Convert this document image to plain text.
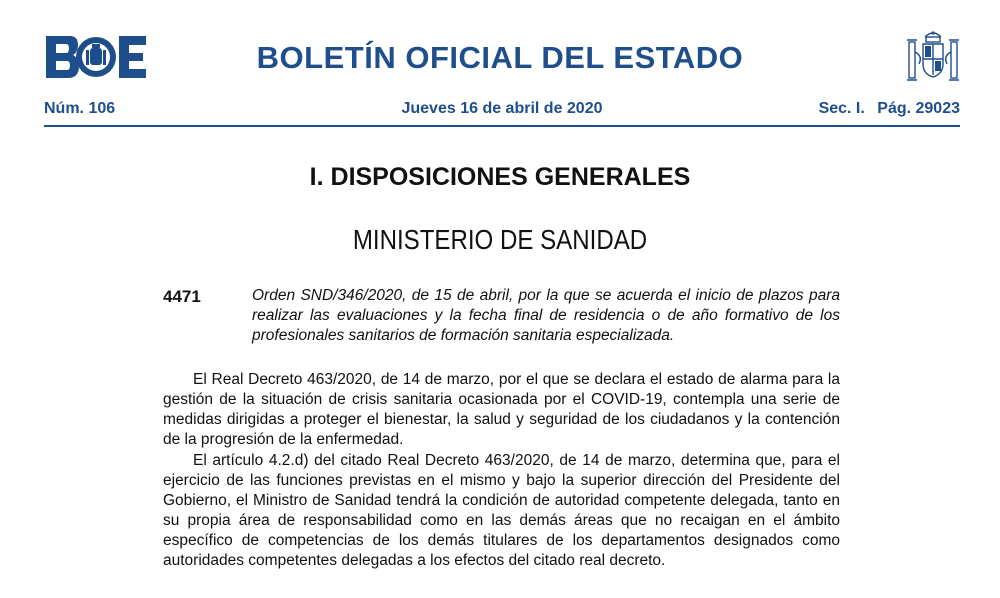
BOLETÍN OFICIAL DEL ESTADO
Núm. 106	Jueves 16 de abril de 2020	Sec. I. Pág. 29023
I. DISPOSICIONES GENERALES
MINISTERIO DE SANIDAD
4471	Orden SND/346/2020, de 15 de abril, por la que se acuerda el inicio de plazos para realizar las evaluaciones y la fecha final de residencia o de año formativo de los profesionales sanitarios de formación sanitaria especializada.

El Real Decreto 463/2020, de 14 de marzo, por el que se declara el estado de alarma para la gestión de la situación de crisis sanitaria ocasionada por el COVID-19, contempla una serie de medidas dirigidas a proteger el bienestar, la salud y seguridad de los ciudadanos y la contención de la progresión de la enfermedad.

El artículo 4.2.d) del citado Real Decreto 463/2020, de 14 de marzo, determina que, para el ejercicio de las funciones previstas en el mismo y bajo la superior dirección del Presidente del Gobierno, el Ministro de Sanidad tendrá la condición de autoridad competente delegada, tanto en su propia área de responsabilidad como en las demás áreas que no recaigan en el ámbito específico de competencias de los demás titulares de los departamentos designados como autoridades competentes delegadas a los efectos del citado real decreto.
